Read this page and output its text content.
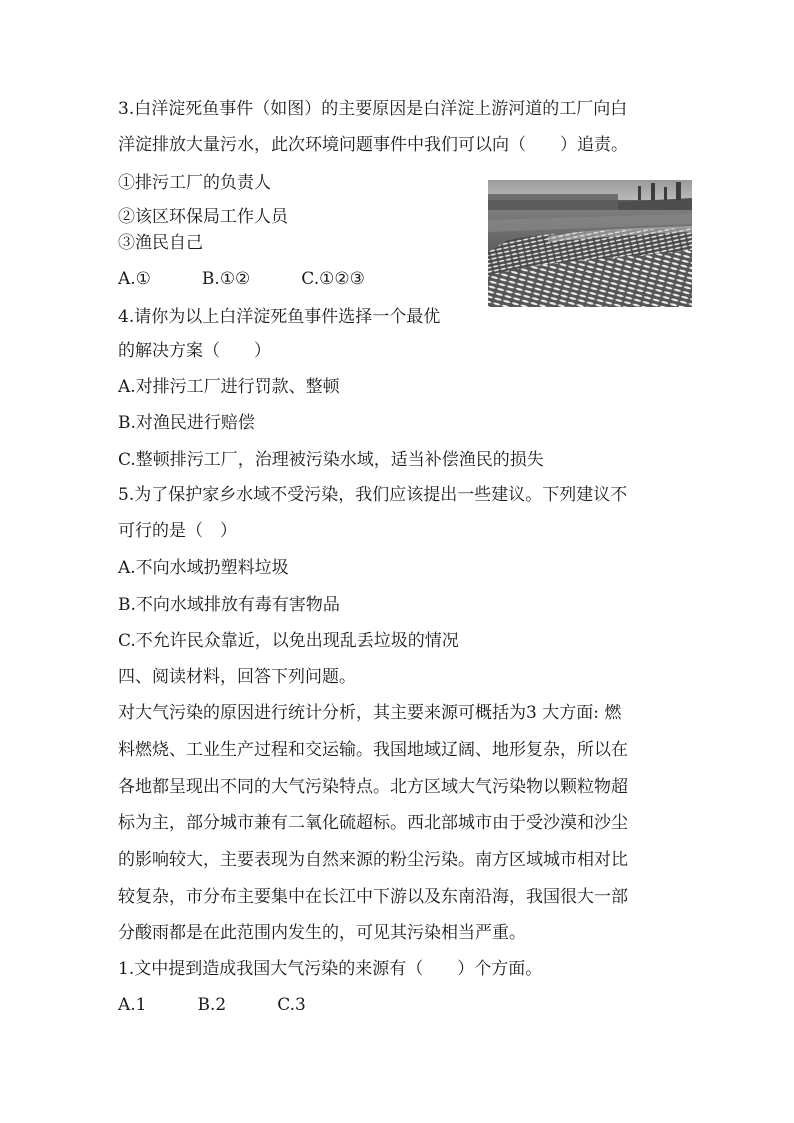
3.白洋淀死鱼事件（如图）的主要原因是白洋淀上游河道的工厂向白
洋淀排放大量污水，此次环境问题事件中我们可以向（　　）追责。
①排污工厂的负责人
②该区环保局工作人员
③渔民自己
A.①　　　B.①②　　　C.①②③
4.请你为以上白洋淀死鱼事件选择一个最优
的解决方案（　　）
A.对排污工厂进行罚款、整顿
B.对渔民进行赔偿
C.整顿排污工厂，治理被污染水域，适当补偿渔民的损失
5.为了保护家乡水域不受污染，我们应该提出一些建议。下列建议不
可行的是（　）
A.不向水域扔塑料垃圾
B.不向水域排放有毒有害物品
C.不允许民众靠近，以免出现乱丢垃圾的情况
四、阅读材料，回答下列问题。
对大气污染的原因进行统计分析，其主要来源可概括为3 大方面: 燃
料燃烧、工业生产过程和交运输。我国地域辽阔、地形复杂，所以在
各地都呈现出不同的大气污染特点。北方区域大气污染物以颗粒物超
标为主，部分城市兼有二氧化硫超标。西北部城市由于受沙漠和沙尘
的影响较大，主要表现为自然来源的粉尘污染。南方区域城市相对比
较复杂，市分布主要集中在长江中下游以及东南沿海，我国很大一部
分酸雨都是在此范围内发生的，可见其污染相当严重。
1.文中提到造成我国大气污染的来源有（　　）个方面。
A.1　　　B.2　　　C.3
